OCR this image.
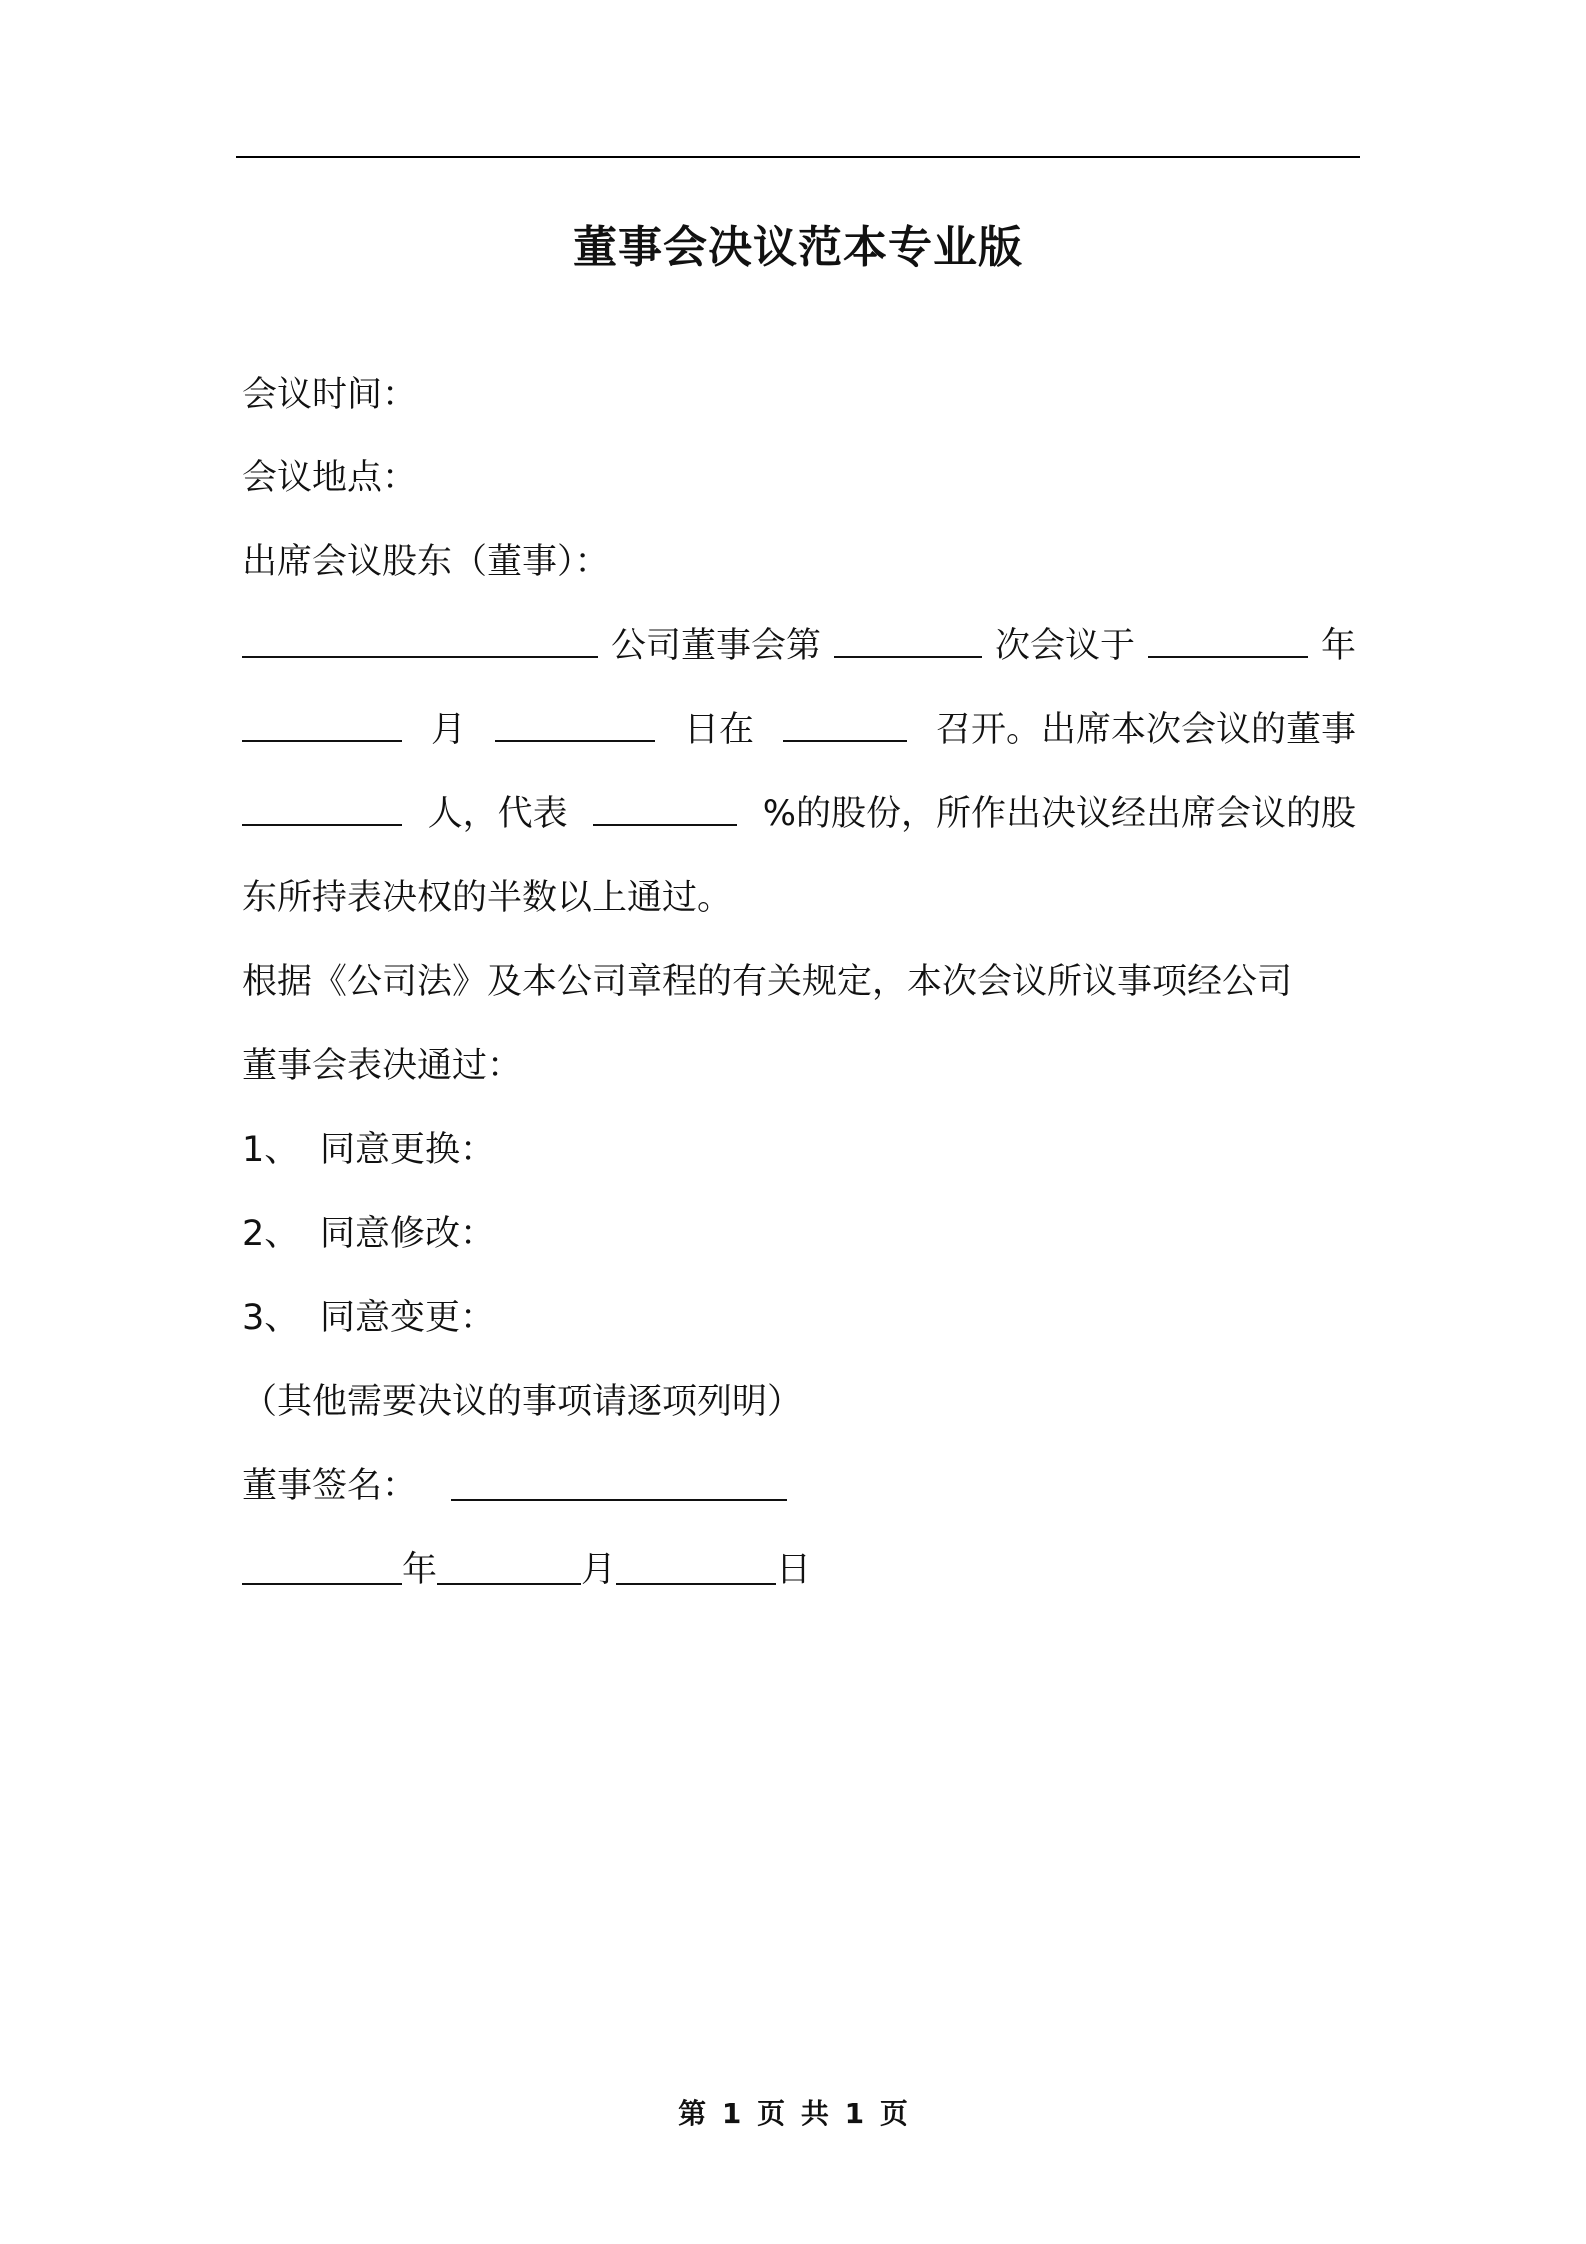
董事会决议范本专业版
会议时间：
会议地点：
出席会议股东（董事）：
公司董事会第	次会议于	年
月	日在	召开。出席本次会议的董事
人，代表	%的股份，所作出决议经出席会议的股
东所持表决权的半数以上通过。
根据《公司法》及本公司章程的有关规定，本次会议所议事项经公司
董事会表决通过：
1、 同意更换：
2、 同意修改：
3、 同意变更：
（其他需要决议的事项请逐项列明）
董事签名：
年	月	日
第 1 页 共 1 页
